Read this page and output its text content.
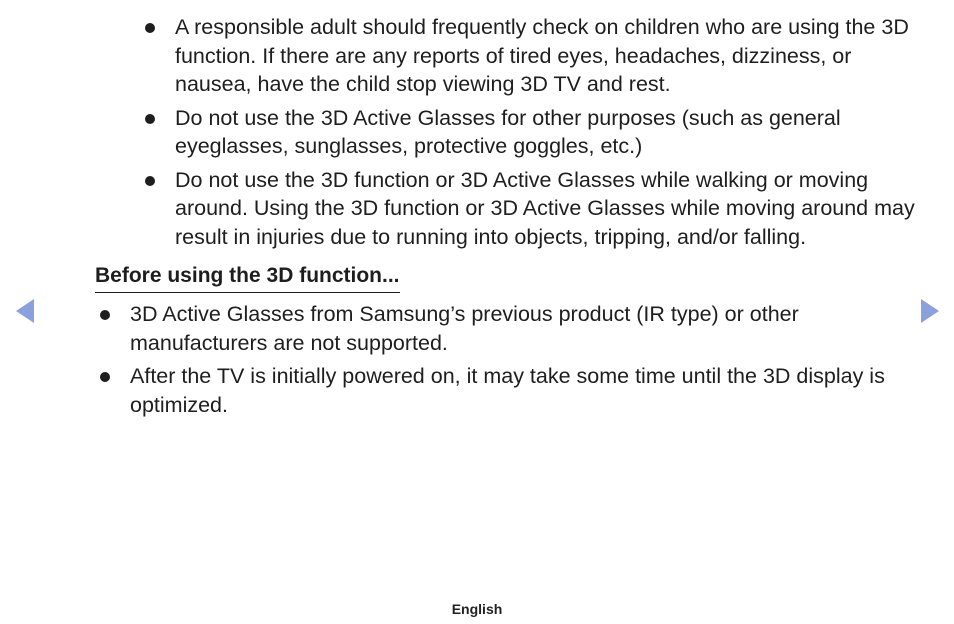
A responsible adult should frequently check on children who are using the 3D function. If there are any reports of tired eyes, headaches, dizziness, or nausea, have the child stop viewing 3D TV and rest.
Do not use the 3D Active Glasses for other purposes (such as general eyeglasses, sunglasses, protective goggles, etc.)
Do not use the 3D function or 3D Active Glasses while walking or moving around. Using the 3D function or 3D Active Glasses while moving around may result in injuries due to running into objects, tripping, and/or falling.
Before using the 3D function...
3D Active Glasses from Samsung’s previous product (IR type) or other manufacturers are not supported.
After the TV is initially powered on, it may take some time until the 3D display is optimized.
English
